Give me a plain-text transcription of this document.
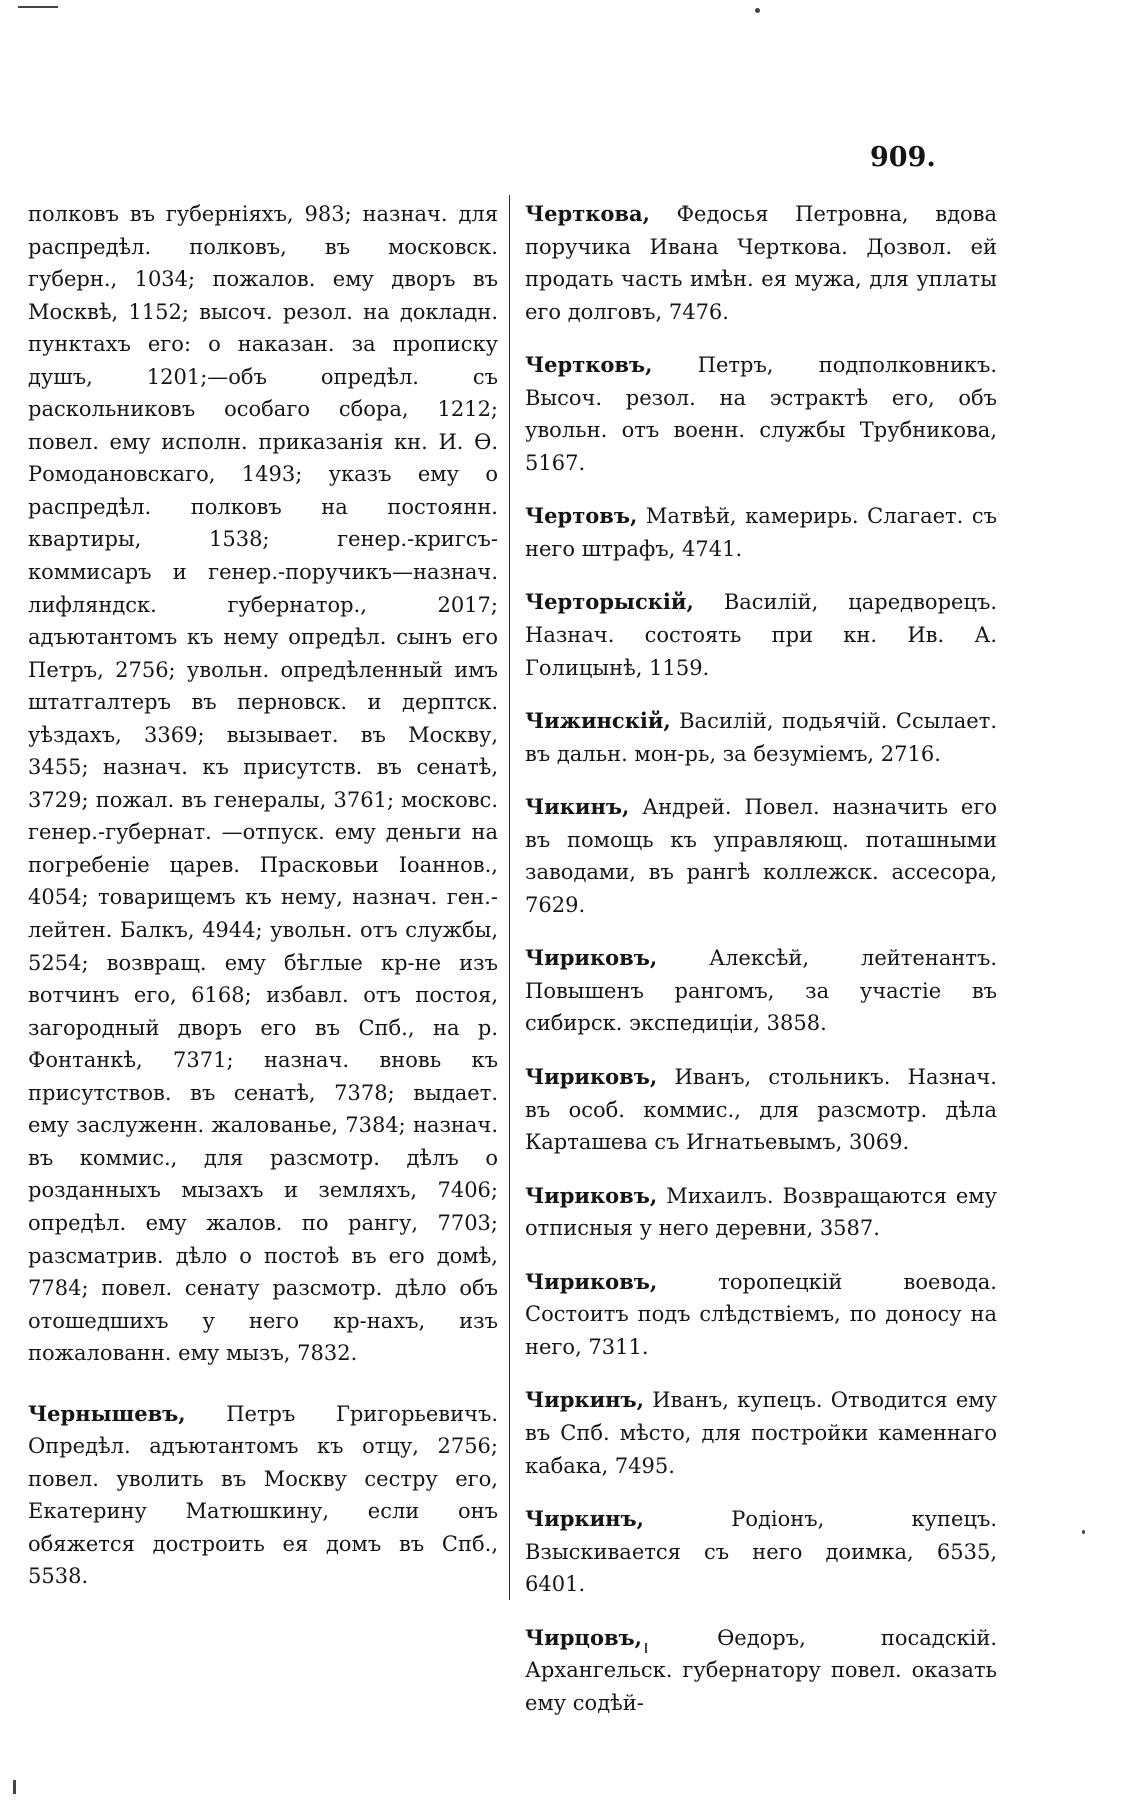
909.

полковъ въ губерніяхъ, 983; назнач. для распредѣл. полковъ, въ московск. губерн., 1034; пожалов. ему дворъ въ Москвѣ, 1152; высоч. резол. на докладн. пунктахъ его: о наказан. за прописку душъ, 1201;—объ опредѣл. съ раскольниковъ особаго сбора, 1212; повел. ему исполн. приказанія кн. И. Ѳ. Ромодановскаго, 1493; указъ ему о распредѣл. полковъ на постоянн. квартиры, 1538; генер.-кригсъ-коммисаръ и генер.-поручикъ—назнач. лифляндск. губернатор., 2017; адъютантомъ къ нему опредѣл. сынъ его Петръ, 2756; увольн. опредѣленный имъ штатгалтеръ въ перновск. и дерптск. уѣздахъ, 3369; вызывает. въ Москву, 3455; назнач. къ присутств. въ сенатѣ, 3729; пожал. въ генералы, 3761; московс. генер.-губернат. —отпуск. ему деньги на погребеніе царев. Прасковьи Іоаннов., 4054; товарищемъ къ нему, назнач. ген.-лейтен. Балкъ, 4944; увольн. отъ службы, 5254; возвращ. ему бѣглые кр-не изъ вотчинъ его, 6168; избавл. отъ постоя, загородный дворъ его въ Спб., на р. Фонтанкѣ, 7371; назнач. вновь къ присутствов. въ сенатѣ, 7378; выдает. ему заслуженн. жалованье, 7384; назнач. въ коммис., для разсмотр. дѣлъ о розданныхъ мызахъ и земляхъ, 7406; опредѣл. ему жалов. по рангу, 7703; разсматрив. дѣло о постоѣ въ его домѣ, 7784; повел. сенату разсмотр. дѣло объ отошедшихъ у него кр-нахъ, изъ пожалованн. ему мызъ, 7832.

Чернышевъ, Петръ Григорьевичъ. Опредѣл. адъютантомъ къ отцу, 2756; повел. уволить въ Москву сестру его, Екатерину Матюшкину, если онъ обяжется достроить ея домъ въ Спб., 5538.

Черткова, Федосья Петровна, вдова поручика Ивана Черткова. Дозвол. ей продать часть имѣн. ея мужа, для уплаты его долговъ, 7476.

Чертковъ, Петръ, подполковникъ. Высоч. резол. на эстрактѣ его, объ увольн. отъ военн. службы Трубникова, 5167.

Чертовъ, Матвѣй, камерирь. Слагает. съ него штрафъ, 4741.

Черторыскій, Василій, царедворецъ. Назнач. состоять при кн. Ив. А. Голицынѣ, 1159.

Чижинскій, Василій, подьячій. Ссылает. въ дальн. мон-рь, за безуміемъ, 2716.

Чикинъ, Андрей. Повел. назначить его въ помощь къ управляющ. поташными заводами, въ рангѣ коллежск. ассесора, 7629.

Чириковъ, Алексѣй, лейтенантъ. Повышенъ рангомъ, за участіе въ сибирск. экспедиціи, 3858.

Чириковъ, Иванъ, стольникъ. Назнач. въ особ. коммис., для разсмотр. дѣла Карташева съ Игнатьевымъ, 3069.

Чириковъ, Михаилъ. Возвращаются ему отписныя у него деревни, 3587.

Чириковъ,	торопецкій воевода. Состоитъ подъ слѣдствіемъ, по доносу на него, 7311.

Чиркинъ, Иванъ, купецъ. Отводится ему въ Спб. мѣсто, для постройки каменнаго кабака, 7495.

Чиркинъ,	Родіонъ, купецъ. Взыскивается съ него доимка, 6535, 6401.

Чирцовъ,	Ѳедоръ, посадскій. Архангельск. губернатору повел. оказать ему содѣй-
